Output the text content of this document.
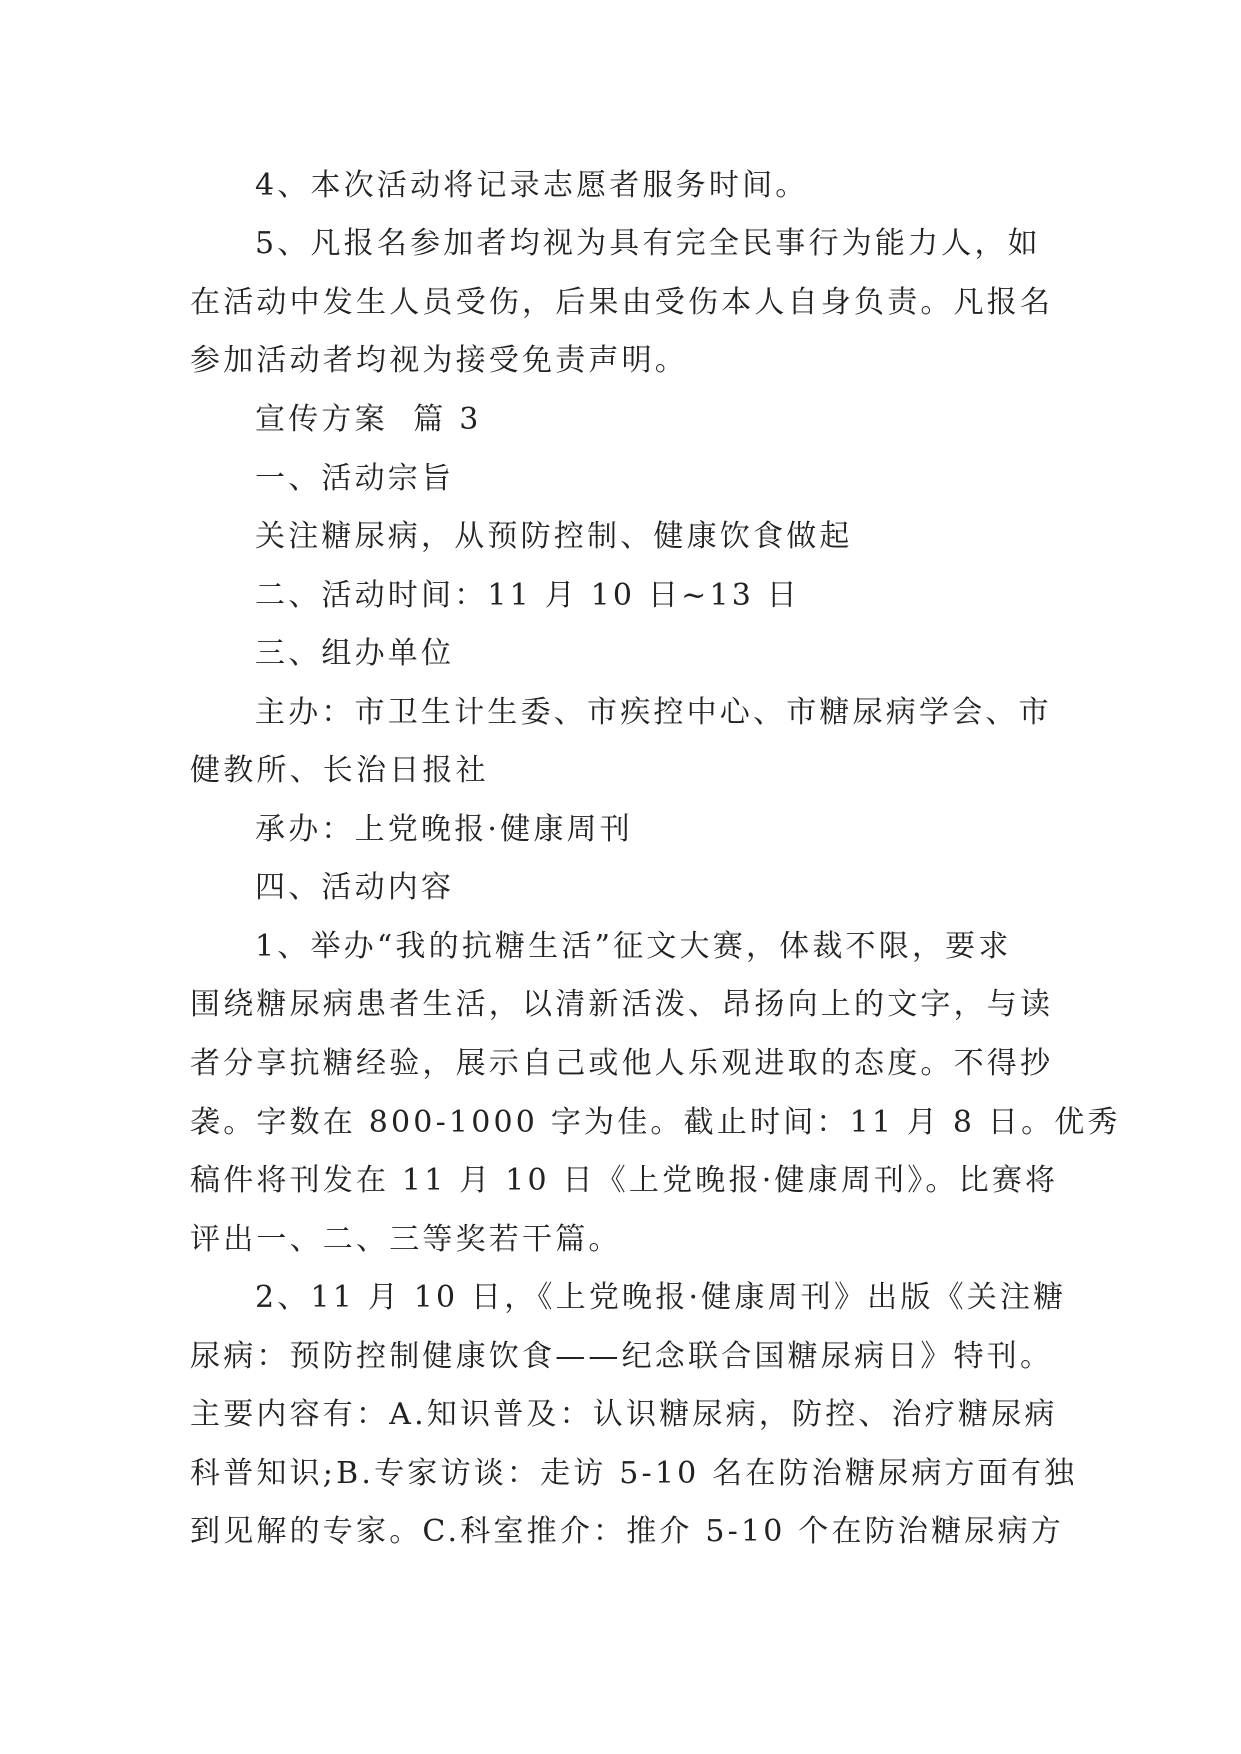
4、本次活动将记录志愿者服务时间。
5、凡报名参加者均视为具有完全民事行为能力人，如
在活动中发生人员受伤，后果由受伤本人自身负责。凡报名
参加活动者均视为接受免责声明。
宣传方案  篇 3
一、活动宗旨
关注糖尿病，从预防控制、健康饮食做起
二、活动时间：11 月 10 日~13 日
三、组办单位
主办：市卫生计生委、市疾控中心、市糖尿病学会、市
健教所、长治日报社
承办：上党晚报·健康周刊
四、活动内容
1、举办“我的抗糖生活”征文大赛，体裁不限，要求
围绕糖尿病患者生活，以清新活泼、昂扬向上的文字，与读
者分享抗糖经验，展示自己或他人乐观进取的态度。不得抄
袭。字数在 800-1000 字为佳。截止时间：11 月 8 日。优秀
稿件将刊发在 11 月 10 日《上党晚报·健康周刊》。比赛将
评出一、二、三等奖若干篇。
2、11 月 10 日，《上党晚报·健康周刊》出版《关注糖
尿病：预防控制健康饮食——纪念联合国糖尿病日》特刊。
主要内容有：A.知识普及：认识糖尿病，防控、治疗糖尿病
科普知识;B.专家访谈：走访 5-10 名在防治糖尿病方面有独
到见解的专家。C.科室推介：推介 5-10 个在防治糖尿病方
